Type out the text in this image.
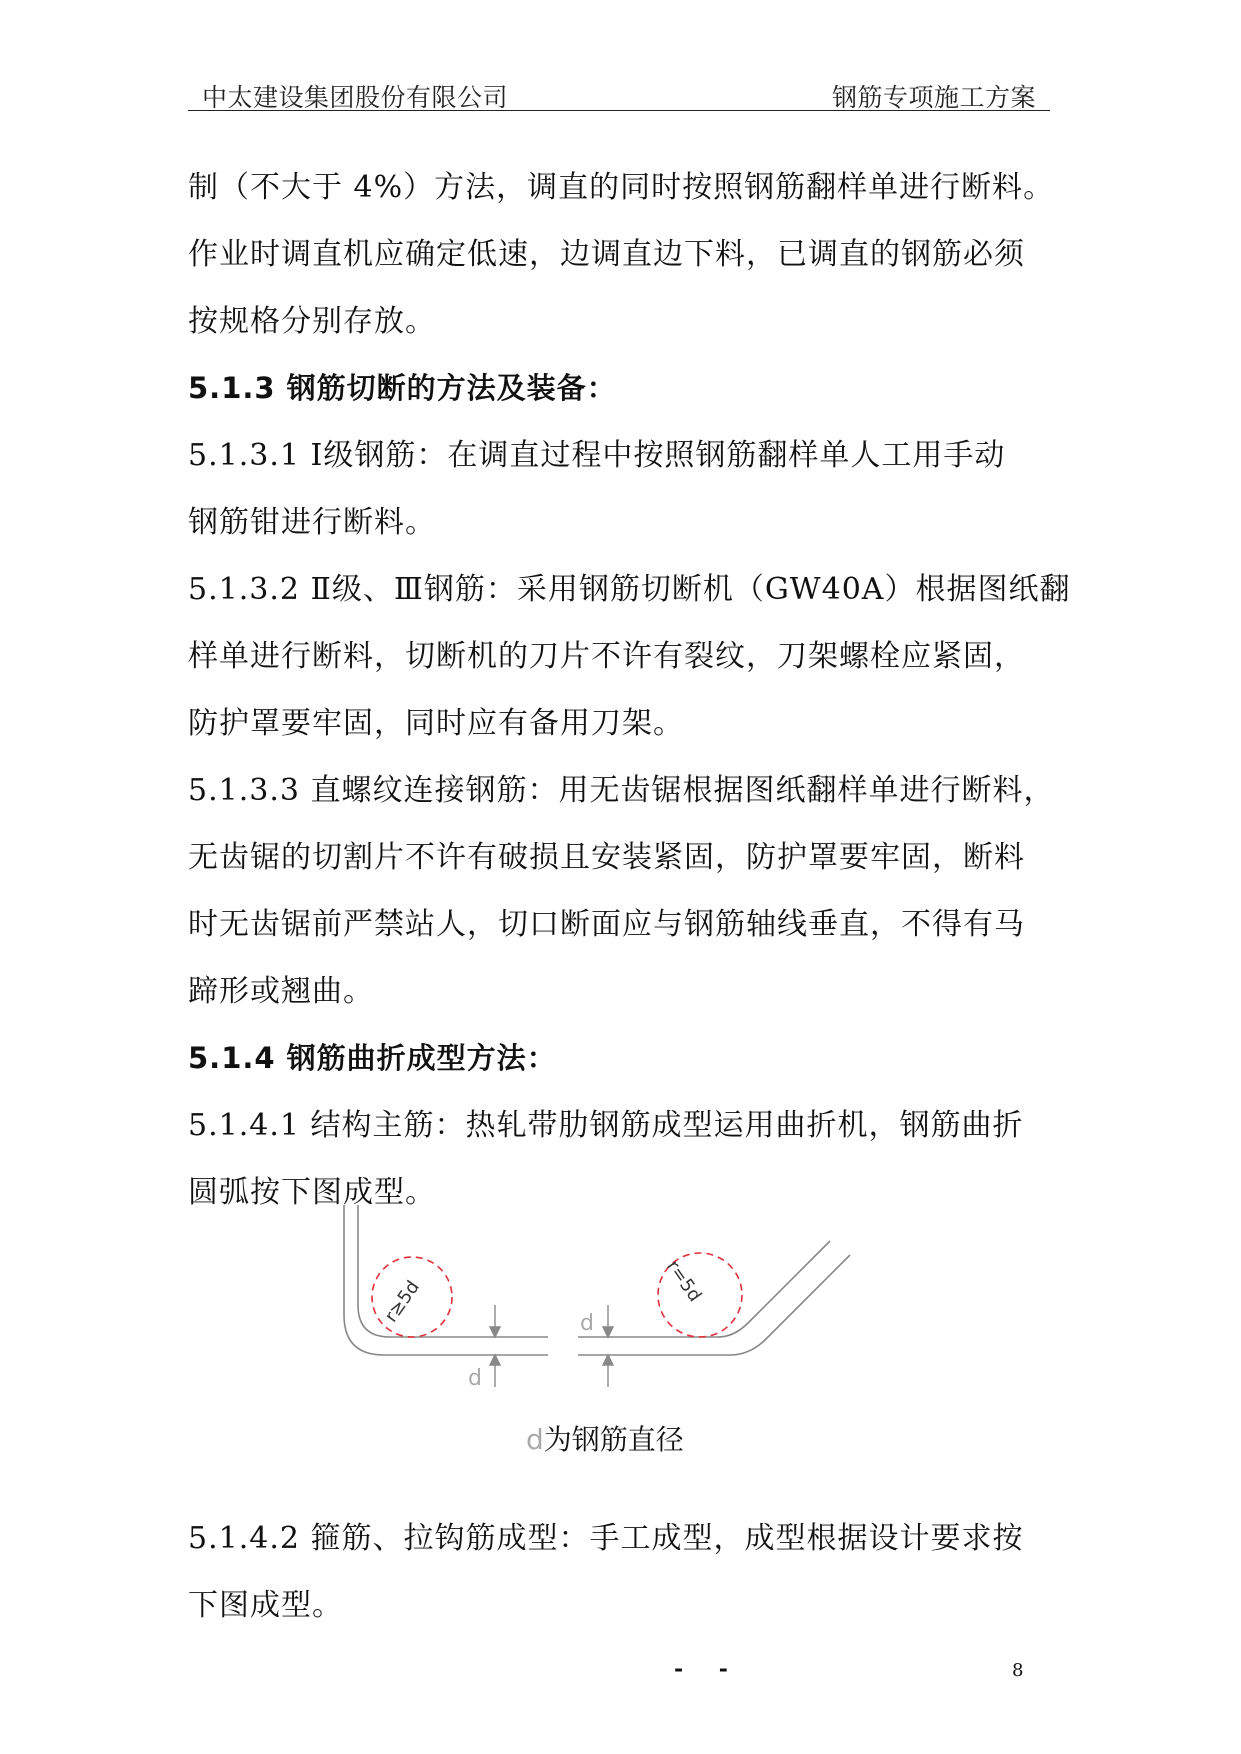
中太建设集团股份有限公司	钢筋专项施工方案

制（不大于 4%）方法，调直的同时按照钢筋翻样单进行断料。

作业时调直机应确定低速，边调直边下料，已调直的钢筋必须

按规格分别存放。

5.1.3 钢筋切断的方法及装备：

5.1.3.1 Ⅰ级钢筋：在调直过程中按照钢筋翻样单人工用手动

钢筋钳进行断料。

5.1.3.2 Ⅱ级、Ⅲ钢筋：采用钢筋切断机（GW40A）根据图纸翻

样单进行断料，切断机的刀片不许有裂纹，刀架螺栓应紧固，

防护罩要牢固，同时应有备用刀架。

5.1.3.3 直螺纹连接钢筋：用无齿锯根据图纸翻样单进行断料，

无齿锯的切割片不许有破损且安装紧固，防护罩要牢固，断料

时无齿锯前严禁站人，切口断面应与钢筋轴线垂直，不得有马

蹄形或翘曲。

5.1.4 钢筋曲折成型方法：

5.1.4.1 结构主筋：热轧带肋钢筋成型运用曲折机，钢筋曲折

圆弧按下图成型。

r≥5d
d
r=5d
d
d为钢筋直径

5.1.4.2 箍筋、拉钩筋成型：手工成型，成型根据设计要求按

下图成型。

- -	8
